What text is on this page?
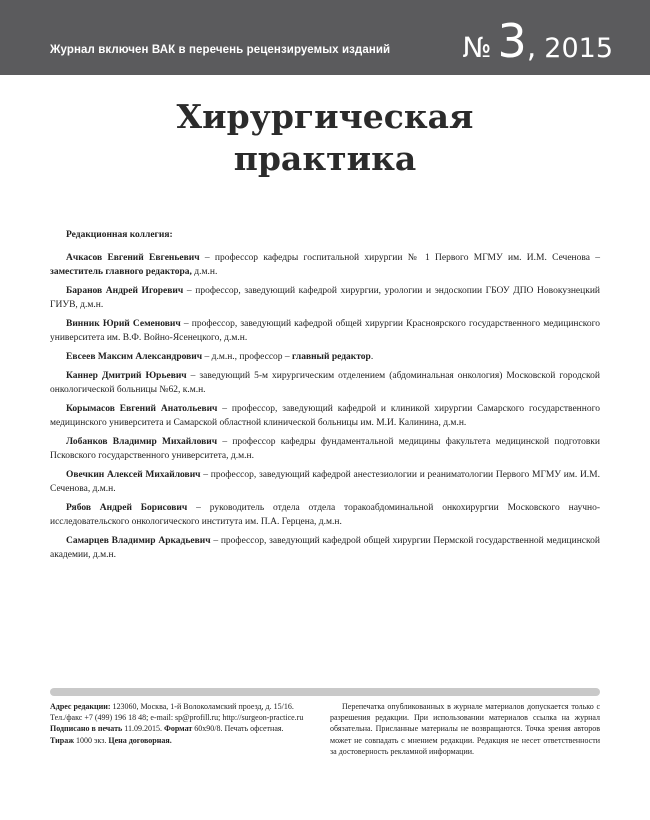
Журнал включен ВАК в перечень рецензируемых изданий	№ 3, 2015
Хирургическая
практика
Редакционная коллегия:

Ачкасов Евгений Евгеньевич – профессор кафедры госпитальной хирургии № 1 Первого МГМУ им. И.М. Сеченова – заместитель главного редактора, д.м.н.

Баранов Андрей Игоревич – профессор, заведующий кафедрой хирургии, урологии и эндоскопии ГБОУ ДПО Новокузнецкий ГИУВ, д.м.н.

Винник Юрий Семенович – профессор, заведующий кафедрой общей хирургии Красноярского государственного медицинского университета им. В.Ф. Войно-Ясенецкого, д.м.н.

Евсеев Максим Александрович – д.м.н., профессор – главный редактор.

Каннер Дмитрий Юрьевич – заведующий 5-м хирургическим отделением (абдоминальная онкология) Московской городской онкологической больницы №62, к.м.н.

Корымасов Евгений Анатольевич – профессор, заведующий кафедрой и клиникой хирургии Самарского государственного медицинского университета и Самарской областной клинической больницы им. М.И. Калинина, д.м.н.

Лобанков Владимир Михайлович – профессор кафедры фундаментальной медицины факультета медицинской подготовки Псковского государственного университета, д.м.н.

Овечкин Алексей Михайлович – профессор, заведующий кафедрой анестезиологии и реаниматологии Первого МГМУ им. И.М. Сеченова, д.м.н.

Рябов Андрей Борисович – руководитель отдела отдела торакоабдоминальной онкохирургии Московского научно-исследовательского онкологического института им. П.А. Герцена, д.м.н.

Самарцев Владимир Аркадьевич – профессор, заведующий кафедрой общей хирургии Пермской государственной медицинской академии, д.м.н.

Адрес редакции: 123060, Москва, 1-й Волоколамский проезд, д. 15/16. Тел./факс +7 (499) 196 18 48; e-mail: sp@profill.ru; http://surgeon-practice.ru
Подписано в печать 11.09.2015. Формат 60x90/8. Печать офсетная.
Тираж 1000 экз. Цена договорная.
Перепечатка опубликованных в журнале материалов допускается только с разрешения редакции. При использовании материалов ссылка на журнал обязательна. Присланные материалы не возвращаются. Точка зрения авторов может не совпадать с мнением редакции. Редакция не несет ответственности за достоверность рекламной информации.
